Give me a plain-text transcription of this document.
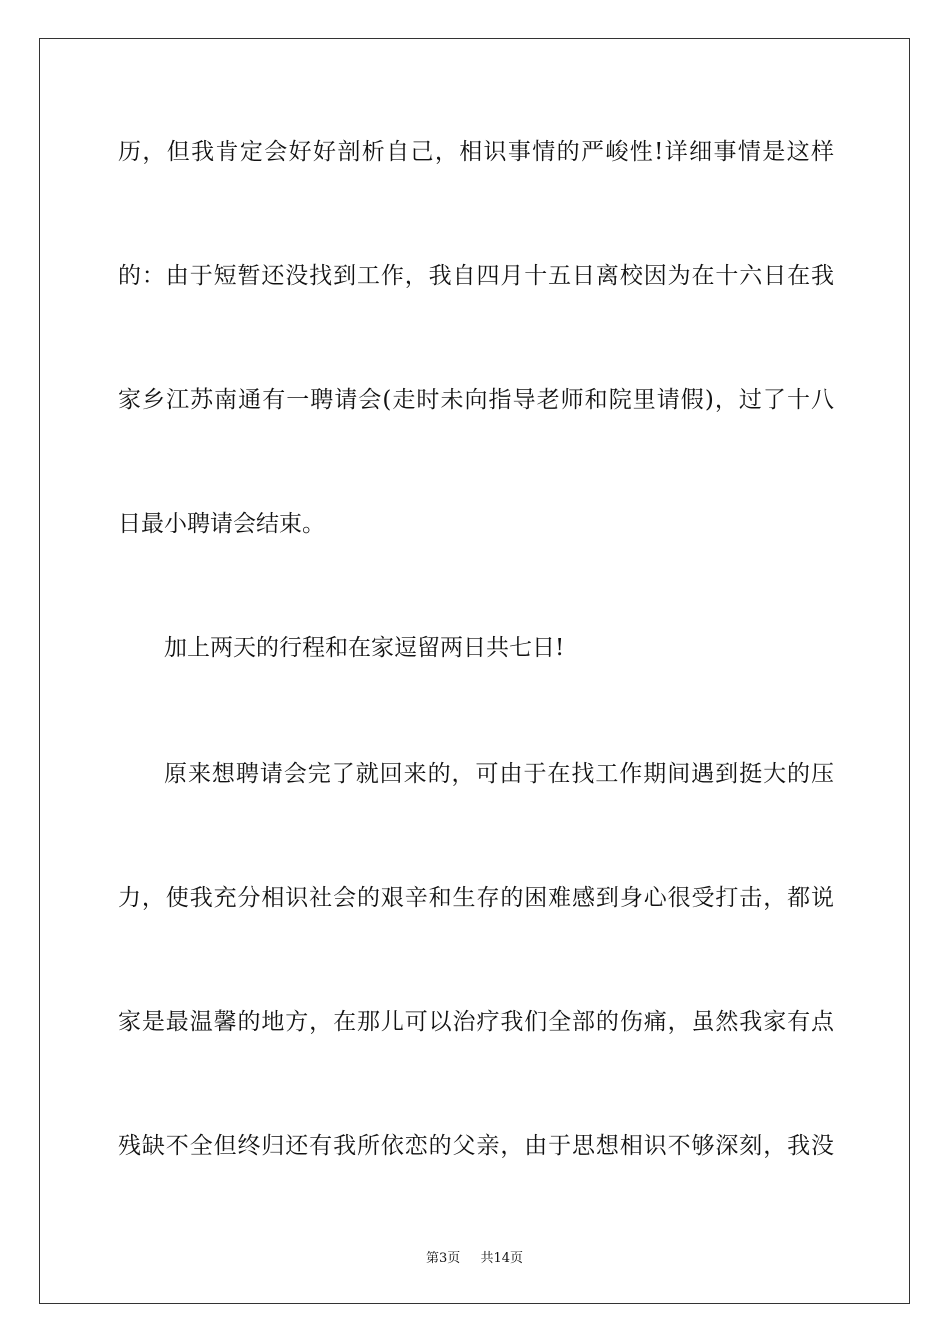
历，但我肯定会好好剖析自己，相识事情的严峻性!详细事情是这样
的：由于短暂还没找到工作，我自四月十五日离校因为在十六日在我
家乡江苏南通有一聘请会(走时未向指导老师和院里请假)，过了十八
日最小聘请会结束。
加上两天的行程和在家逗留两日共七日!
原来想聘请会完了就回来的，可由于在找工作期间遇到挺大的压
力，使我充分相识社会的艰辛和生存的困难感到身心很受打击，都说
家是最温馨的地方，在那儿可以治疗我们全部的伤痛，虽然我家有点
残缺不全但终归还有我所依恋的父亲，由于思想相识不够深刻，我没
第3页 共14页
